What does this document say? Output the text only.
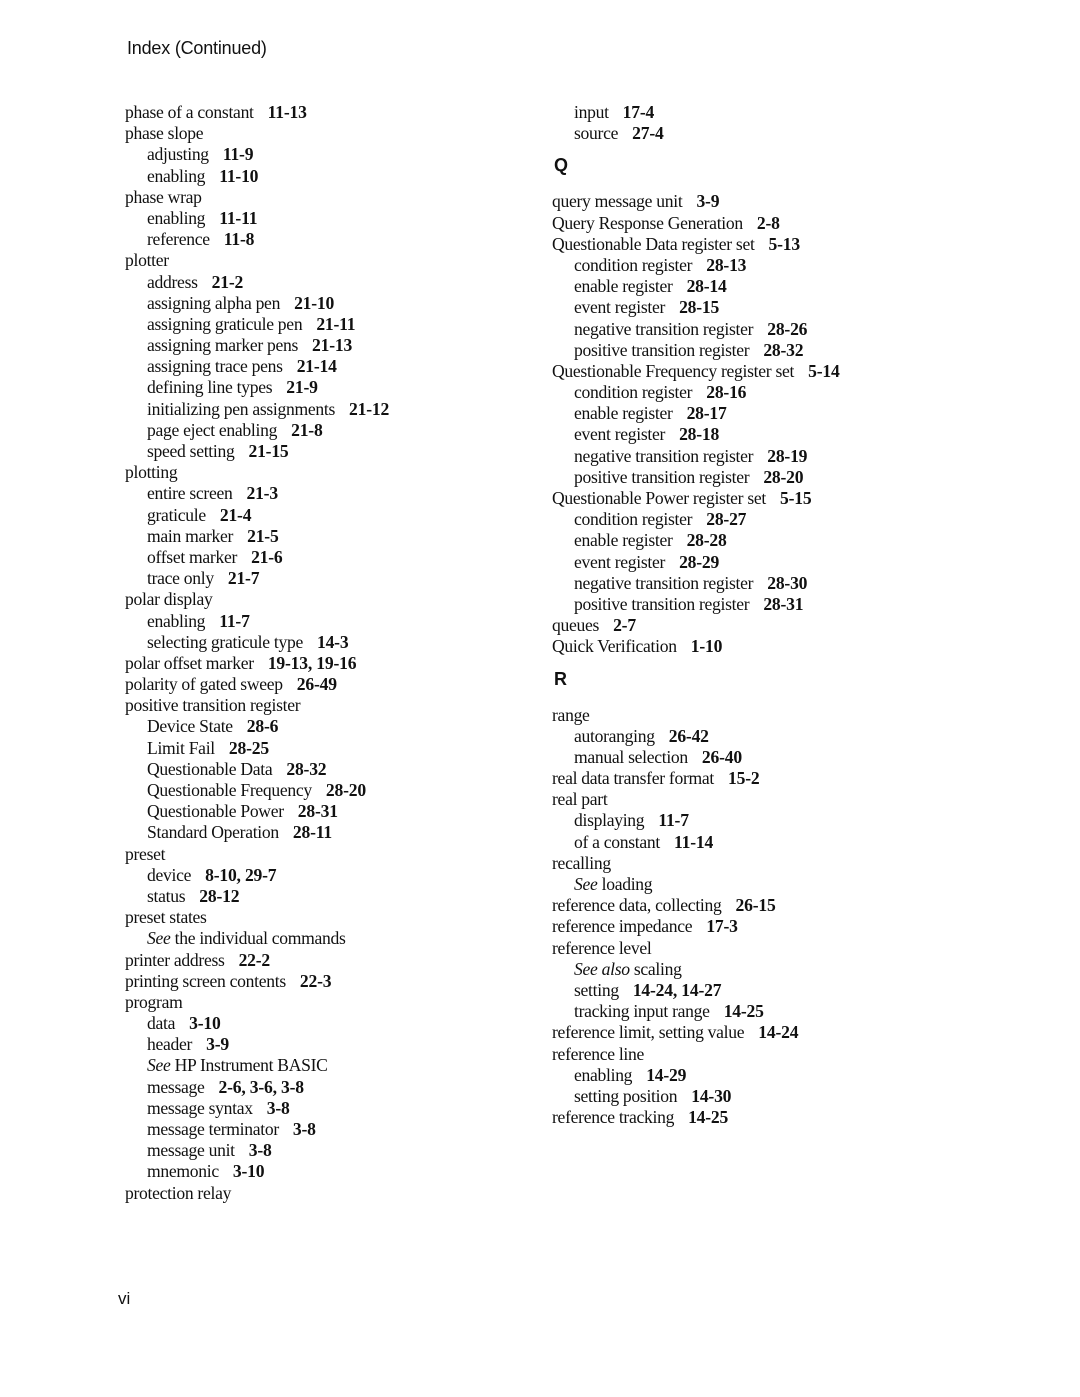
Index (Continued)
phase of a constant 11-13
phase slope
adjusting 11-9
enabling 11-10
phase wrap
enabling 11-11
reference 11-8
plotter
address 21-2
assigning alpha pen 21-10
assigning graticule pen 21-11
assigning marker pens 21-13
assigning trace pens 21-14
defining line types 21-9
initializing pen assignments 21-12
page eject enabling 21-8
speed setting 21-15
plotting
entire screen 21-3
graticule 21-4
main marker 21-5
offset marker 21-6
trace only 21-7
polar display
enabling 11-7
selecting graticule type 14-3
polar offset marker 19-13, 19-16
polarity of gated sweep 26-49
positive transition register
Device State 28-6
Limit Fail 28-25
Questionable Data 28-32
Questionable Frequency 28-20
Questionable Power 28-31
Standard Operation 28-11
preset
device 8-10, 29-7
status 28-12
preset states
See the individual commands
printer address 22-2
printing screen contents 22-3
program
data 3-10
header 3-9
See HP Instrument BASIC
message 2-6, 3-6, 3-8
message syntax 3-8
message terminator 3-8
message unit 3-8
mnemonic 3-10
protection relay
input 17-4
source 27-4
Q
query message unit 3-9
Query Response Generation 2-8
Questionable Data register set 5-13
condition register 28-13
enable register 28-14
event register 28-15
negative transition register 28-26
positive transition register 28-32
Questionable Frequency register set 5-14
condition register 28-16
enable register 28-17
event register 28-18
negative transition register 28-19
positive transition register 28-20
Questionable Power register set 5-15
condition register 28-27
enable register 28-28
event register 28-29
negative transition register 28-30
positive transition register 28-31
queues 2-7
Quick Verification 1-10
R
range
autoranging 26-42
manual selection 26-40
real data transfer format 15-2
real part
displaying 11-7
of a constant 11-14
recalling
See loading
reference data, collecting 26-15
reference impedance 17-3
reference level
See also scaling
setting 14-24, 14-27
tracking input range 14-25
reference limit, setting value 14-24
reference line
enabling 14-29
setting position 14-30
reference tracking 14-25
vi
